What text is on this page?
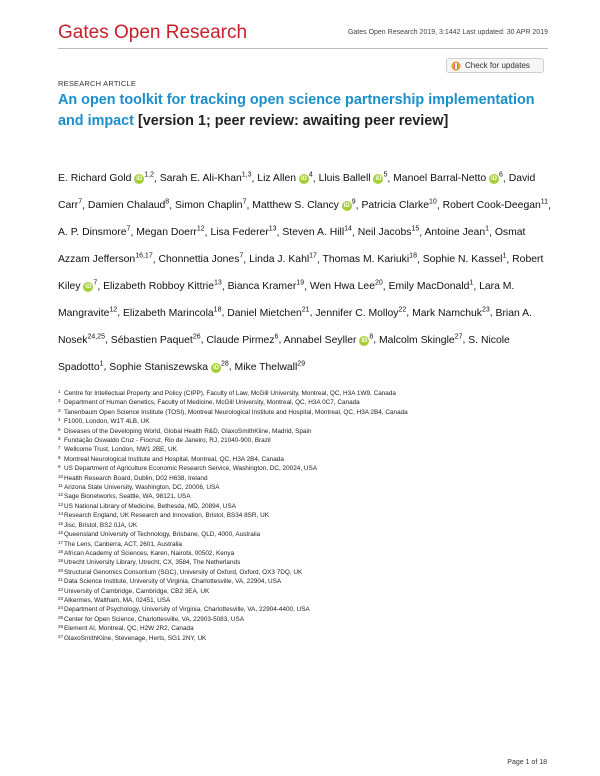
Gates Open Research	Gates Open Research 2019, 3:1442 Last updated: 30 APR 2019
Check for updates
RESEARCH ARTICLE
An open toolkit for tracking open science partnership implementation and impact [version 1; peer review: awaiting peer review]
E. Richard Gold iD$^{1,2}$, Sarah E. Ali-Khan$^{1,3}$, Liz Allen $iD^4$, Lluis Ballell $iD^5$, Manoel Barral-Netto $iD^6$, David Carr$^7$, Damien Chalaud$^8$, Simon Chaplin$^7$, Matthew S. Clancy $iD^9$, Patricia Clarke$^{10}$, Robert Cook-Deegan$^{11}$, A. P. Dinsmore$^7$, Megan Doerr$^{12}$, Lisa Federer$^{13}$, Steven A. Hill$^{14}$, Neil Jacobs$^{15}$, Antoine Jean$^1$, Osmat Azzam Jefferson$^{16,17}$, Chonnettia Jones$^7$, Linda J. Kahl$^{17}$, Thomas M. Kariuki$^{18}$, Sophie N. Kassel$^1$, Robert Kiley $iD^7$, Elizabeth Robboy Kittrie$^{13}$, Bianca Kramer$^{19}$, Wen Hwa Lee$^{20}$, Emily MacDonald$^1$, Lara M. Mangravite$^{12}$, Elizabeth Marincola$^{18}$, Daniel Mietchen$^{21}$, Jennifer C. Molloy$^{22}$, Mark Namchuk$^{23}$, Brian A. Nosek$^{24,25}$, Sébastien Paquet$^{26}$, Claude Pirmez$^6$, Annabel Seyller $iD^8$, Malcolm Skingle$^{27}$, S. Nicole Spadotto$^1$, Sophie Staniszewska $iD^{28}$, Mike Thelwall$^{29}$
1 Centre for Intellectual Property and Policy (CIPP), Faculty of Law, McGill University, Montreal, QC, H3A 1W9, Canada
2 Department of Human Genetics, Faculty of Medicine, McGill University, Montreal, QC, H3A 0C7, Canada
3 Tanenbaum Open Science Institute (TOSI), Montreal Neurological Institute and Hospital, Montreal, QC, H3A 2B4, Canada
4 F1000, London, W1T 4LB, UK
5 Diseases of the Developing World, Global Health R&D, GlaxoSmithKline, Madrid, Spain
6 Fundação Oswaldo Cruz - Fiocruz, Rio de Janeiro, RJ, 21040-900, Brazil
7 Wellcome Trust, London, NW1 2BE, UK
8 Montreal Neurological Institute and Hospital, Montreal, QC, H3A 2B4, Canada
9 US Department of Agriculture Economic Research Service, Washington, DC, 20024, USA
10 Health Research Board, Dublin, D02 H638, Ireland
11 Arizona State University, Washington, DC, 20006, USA
12 Sage Bionetworks, Seattle, WA, 98121, USA
13 US National Library of Medicine, Bethesda, MD, 20894, USA
14 Research England, UK Research and Innovation, Bristol, BS34 8SR, UK
15 Jisc, Bristol, BS2 0JA, UK
16 Queensland University of Technology, Brisbane, QLD, 4000, Australia
17 The Lens, Canberra, ACT, 2601, Australia
18 African Academy of Sciences, Karen, Nairobi, 00502, Kenya
19 Utrecht University Library, Utrecht, CX, 3584, The Netherlands
20 Structural Genomics Consortium (SGC), University of Oxford, Oxford, OX3 7DQ, UK
21 Data Science Institute, University of Virginia, Charlottesville, VA, 22904, USA
22 University of Cambridge, Cambridge, CB2 3EA, UK
23 Alkermes, Waltham, MA, 02451, USA
24 Department of Psychology, University of Virginia, Charlottesville, VA, 22904-4400, USA
25 Center for Open Science, Charlottesville, VA, 22903-5083, USA
26 Element AI, Montreal, QC, H2W 2R2, Canada
27 GlaxoSmithKline, Stevenage, Herts, SG1 2NY, UK
Page 1 of 18
